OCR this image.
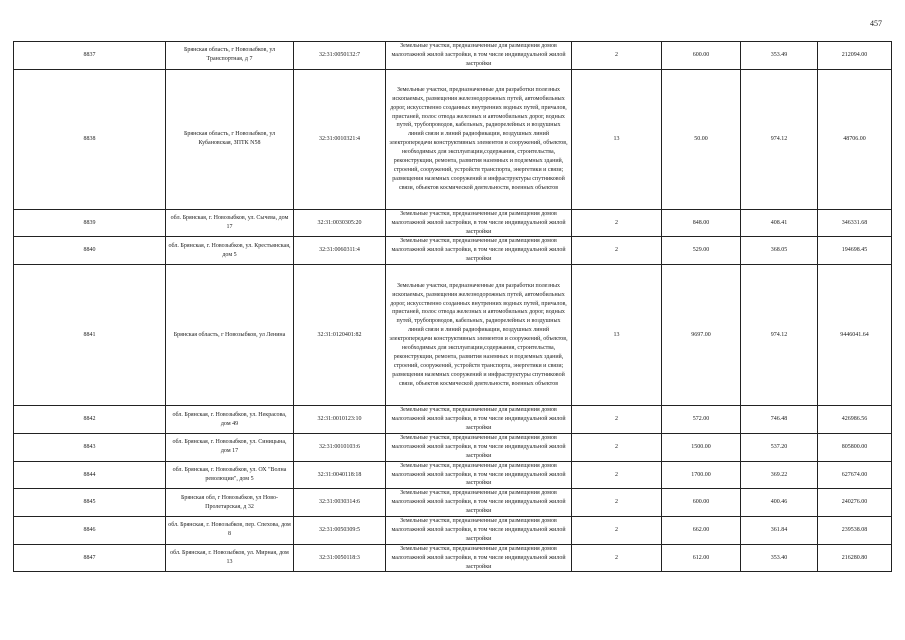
457
8837	Брянская область, г Новозыбков, ул Транспортная, д 7	32:31:0050132:7	Земельные участки, предназначенные для размещения домов малоэтажной жилой застройки, в том числе индивидуальной жилой застройки	2	600.00	353.49	212094.00
8838	Брянская область, г Новозыбков, ул Кубановская, ЗПТК N58	32:31:0010321:4	Земельные участки, предназначенные для разработки полезных ископаемых, размещения железнодорожных путей, автомобильных дорог, искусственно созданных внутренних водных путей, причалов, пристаней, полос отвода железных и автомобильных дорог, водных путей, трубопроводов, кабельных, радиорелейных и воздушных линий связи и линий радиофикации, воздушных линий электропередачи конструктивных элементов и сооружений, объектов, необходимых для эксплуатации,содержания, строительства, реконструкции, ремонта, развития наземных и подземных зданий, строений, сооружений, устройств транспорта, энергетики и связи; размещения наземных сооружений и инфраструктуры спутниковой связи, объектов космической деятельности, военных объектов	13	50.00	974.12	48706.00
8839	обл. Брянская, г. Новозыбков, ул. Сычева, дом 17	32:31:0030305:20	Земельные участки, предназначенные для размещения домов малоэтажной жилой застройки, в том числе индивидуальной жилой застройки	2	848.00	408.41	346331.68
8840	обл. Брянская, г. Новозыбков, ул. Крестьянская, дом 5	32:31:0060311:4	Земельные участки, предназначенные для размещения домов малоэтажной жилой застройки, в том числе индивидуальной жилой застройки	2	529.00	368.05	194698.45
8841	Брянская область, г Новозыбков, ул Ленина	32:31:0120401:82	Земельные участки, предназначенные для разработки полезных ископаемых, размещения железнодорожных путей, автомобильных дорог, искусственно созданных внутренних водных путей, причалов, пристаней, полос отвода железных и автомобильных дорог, водных путей, трубопроводов, кабельных, радиорелейных и воздушных линий связи и линий радиофикации, воздушных линий электропередачи конструктивных элементов и сооружений, объектов, необходимых для эксплуатации,содержания, строительства, реконструкции, ремонта, развития наземных и подземных зданий, строений, сооружений, устройств транспорта, энергетики и связи; размещения наземных сооружений и инфраструктуры спутниковой связи, объектов космической деятельности, военных объектов	13	9697.00	974.12	9446041.64
8842	обл. Брянская, г. Новозыбков, ул. Некрасова, дом 49	32:31:0010123:10	Земельные участки, предназначенные для размещения домов малоэтажной жилой застройки, в том числе индивидуальной жилой застройки	2	572.00	746.48	426986.56
8843	обл. Брянская, г. Новозыбков, ул. Синицына, дом 17	32:31:0010103:6	Земельные участки, предназначенные для размещения домов малоэтажной жилой застройки, в том числе индивидуальной жилой застройки	2	1500.00	537.20	805800.00
8844	обл. Брянская, г. Новозыбков, ул. ОХ "Волна революции", дом 5	32:31:0040118:18	Земельные участки, предназначенные для размещения домов малоэтажной жилой застройки, в том числе индивидуальной жилой застройки	2	1700.00	369.22	627674.00
8845	Брянская обл, г Новозыбков, ул Ново-Пролетарская, д 32	32:31:0030314:6	Земельные участки, предназначенные для размещения домов малоэтажной жилой застройки, в том числе индивидуальной жилой застройки	2	600.00	400.46	240276.00
8846	обл. Брянская, г. Новозыбков, пер. Спехова, дом 8	32:31:0050309:5	Земельные участки, предназначенные для размещения домов малоэтажной жилой застройки, в том числе индивидуальной жилой застройки	2	662.00	361.84	239538.08
8847	обл. Брянская, г. Новозыбков, ул. Мирная, дом 13	32:31:0050118:3	Земельные участки, предназначенные для размещения домов малоэтажной жилой застройки, в том числе индивидуальной жилой застройки	2	612.00	353.40	216280.80
